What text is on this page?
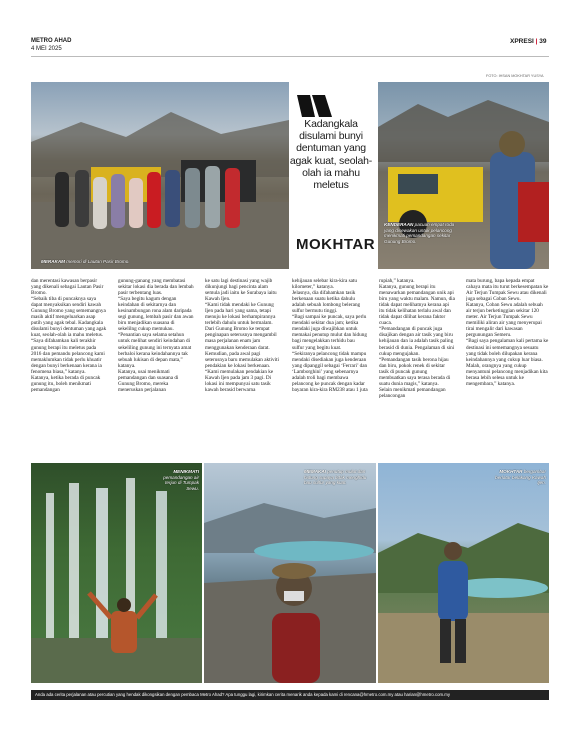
METRO AHAD
4 MEI 2025
XPRESI | 39
FOTO: IHSAN MOKHTAR YUSYA
MERAKAM memori di Lautan Pasir Bromo.
Kadangkala disulami bunyi dentuman yang agak kuat, seolah-olah ia mahu meletus
MOKHTAR
KENDERAAN pacuan empat roda yang disewakan untuk pelancong menikmati pemandangan sekitar Gunung Bromo.
dan merentasi kawasan berpasir yang dikenali sebagai Lautan Pasir Bromo.
“Sebaik tiba di puncaknya saya dapat menyaksikan sendiri kawah Gunung Bromo yang sememangnya masih aktif mengeluarkan asap putih yang agak tebal. Kadangkala disulami bunyi dentuman yang agak kuat, seolah-olah ia mahu meletus.
“Saya difahamkan kali terakhir gunung berapi itu meletus pada 2016 dan pemandu pelancong kami memaklumkan tidak perlu khuatir dengan bunyi berkenaan kerana ia fenomena biasa,” katanya.
Katanya, ketika berada di puncak gunung itu, boleh menikmati pemandangan
gunung-ganang yang membatasi sekitar lokasi dia berada dan lembah pasir terbentang luas.
“Saya begitu kagum dengan keindahan di sekitarnya dan kesinambungan rona alam daripada segi gunung, lembah pasir dan awan biru menjadikan suasana di sekelilng cukup memukau.
“Penantian saya selama setahun untuk melihat sendiri keindahan di sekeliling gunung ini ternyata amat berbaloi kerana keindahannya tak sebuah lukisan di depan mata,” katanya.
Katanya, usai menikmati pemandangan dan suasana di Gunung Bromo, mereka meneruskan perjalanan
ke satu lagi destinasi yang wajib dikunjungi bagi pencinta alam semula jadi iaitu ke Surabaya iaitu Kawah Ijen.
“Kami tidak mendaki ke Gunung Ijen pada hari yang sama, tetapi menuju ke lokasi berhampirannya terlebih dahulu untuk bermalam. Dari Gunung Bromo ke tempat penginapan seterusnya mengambil masa perjalanan enam jam menggunakan kenderaan darat. Kemudian, pada awal pagi seterusnya baru memulakan aktiviti pendakian ke lokasi berkenaan.
“Kami memulakan pendakian ke Kawah Ijen pada jam 3 pagi. Di lokasi ini mempunyai satu tasik kawah berasid berwarna
kehijauan selebar kira-kira satu kilometer,” katanya.
Jelasnya, dia difahamkan tasik berkenaan suatu ketika dahulu adalah sebuah lombong belerang sulfur bermutu tinggi.
“Bagi sampai ke puncak, saya perlu mendaki sekitar dua jam; ketika mendaki juga diwajibkan untuk memakai penutup mulut dan hidung bagi mengelakkan terhidu bau sulfur yang begitu kuat.
“Sekiranya pelancong tidak mampu mendaki disediakan juga kenderaan yang dipanggil sebagai ‘Ferrari’ dan ‘Lamborghini’ yang sebenarnya adalah troli bagi membawa pelancong ke puncak dengan kadar bayaran kira-kira RM238 atau 1 juta
rupiah,” katanya.
Katanya, gunung berapi itu menawarkan pemandangan unik api biru yang waktu malam. Namun, dia tidak dapat melihatnya kerana api itu tidak kelihatan terlalu awal dan tidak dapat dilihat kerana faktor cuaca.
“Pemandangan di puncak juga disajikan dengan air tasik yang biru kehijauan dan ia adalah tasik paling berasid di dunia. Pengalaman di sini cukup mengujakan.
“Pemandangan tasik berona hijau dan biru, pokok renek di sekitar tasik di puncak gunung membuatkan saya terasa berada di suatu dunia magis,” katanya.
Selain menikmati pemandangan pelancongan
mata burung, bapa kepada empat cahaya mata itu turut berkesempatan ke Air Terjun Tumpak Sewu atau dikenali juga sebagai Coban Sewu.
Katanya, Coban Sewu adalah sebuah air terjun berketinggian sekitar 120 meter. Air Terjun Tumpak Sewu memiliki aliran air yang menyerupai tirai mengalir dari kawasan pergunungan Semeru.
“Bagi saya pengalaman kali pertama ke destinasi ini sememangnya sesuatu yang tidak boleh dilupakan kerana keindahannya yang cukup luar biasa. Malah, orangnya yang cukup menyantuni pelancong menjadikan kita berasa lebih selesa untuk ke mengembara,” katanya.
MENIKMATI pemandangan air terjun di Tumpak Sewu.
MEMAKAI penutup mulut dan hidung supaya tidak menghidu bau sulfur yang kuat.
MOKHTAR bergambar berlatar belakang Kawah Ijen.
Anda ada cerita perjalanan atau percutian yang hendak dikongsikan dengan pembaca Metro Ahad? Apa tunggu lagi, kirimkan cerita menarik anda kepada kami di rencana@hmetro.com.my atau harian@hmetro.com.my
